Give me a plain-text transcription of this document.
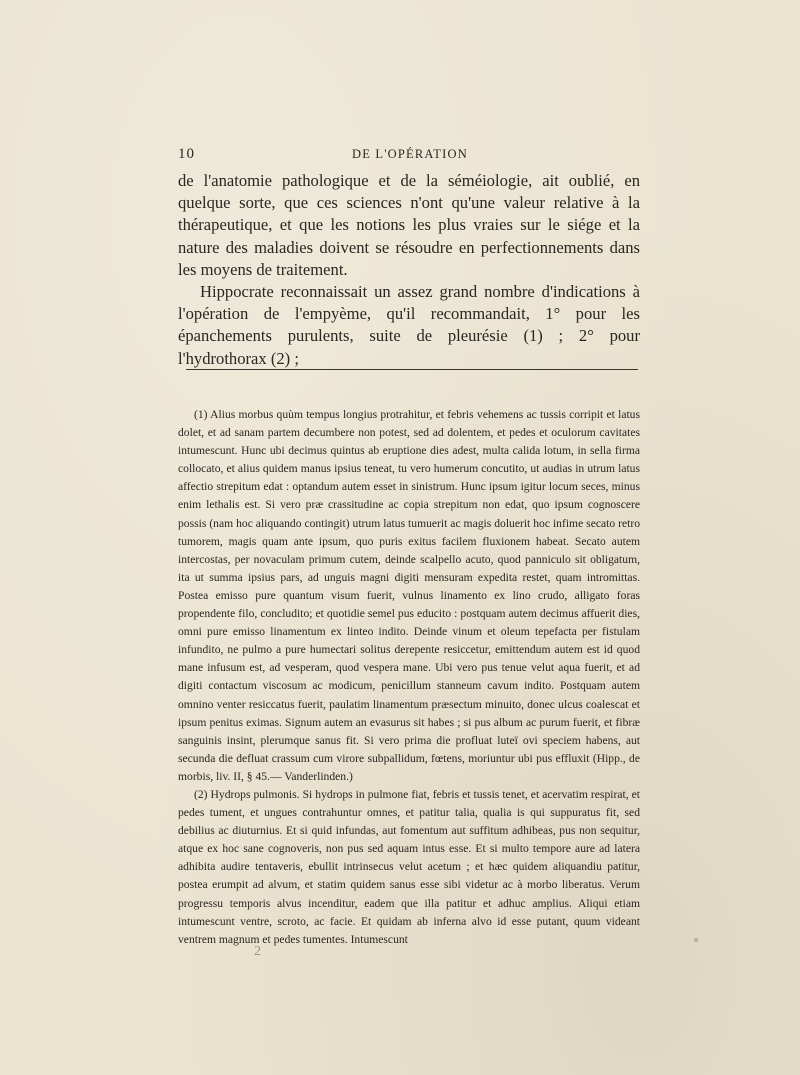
10	DE L'OPÉRATION

de l'anatomie pathologique et de la séméiologie, ait oublié, en quelque sorte, que ces sciences n'ont qu'une valeur relative à la thérapeutique, et que les notions les plus vraies sur le siége et la nature des maladies doivent se résoudre en perfectionnements dans les moyens de traitement.

Hippocrate reconnaissait un assez grand nombre d'indications à l'opération de l'empyème, qu'il recommandait, 1° pour les épanchements purulents, suite de pleurésie (1) ; 2° pour l'hydrothorax (2) ;

(1) Alius morbus quùm tempus longius protrahitur, et febris vehemens ac tussis corripit et latus dolet, et ad sanam partem decumbere non potest, sed ad dolentem, et pedes et oculorum cavitates intumescunt. Hunc ubi decimus quintus ab eruptione dies adest, multa calida lotum, in sella firma collocato, et alius quidem manus ipsius teneat, tu vero humerum concutito, ut audias in utrum latus affectio strepitum edat : optandum autem esset in sinistrum. Hunc ipsum igitur locum seces, minus enim lethalis est. Si vero præ crassitudine ac copia strepitum non edat, quo ipsum cognoscere possis (nam hoc aliquando contingit) utrum latus tumuerit ac magis doluerit hoc infime secato retro tumorem, magis quam ante ipsum, quo puris exitus facilem fluxionem habeat. Secato autem intercostas, per novaculam primum cutem, deinde scalpello acuto, quod panniculo sit obligatum, ita ut summa ipsius pars, ad unguis magni digiti mensuram expedita restet, quam intromittas. Postea emisso pure quantum visum fuerit, vulnus linamento ex lino crudo, alligato foras propendente filo, concludito; et quotidie semel pus educito : postquam autem decimus affuerit dies, omni pure emisso linamentum ex linteo indito. Deinde vinum et oleum tepefacta per fistulam infundito, ne pulmo a pure humectari solitus derepente resiccetur, emittendum autem est id quod mane infusum est, ad vesperam, quod vespera mane. Ubi vero pus tenue velut aqua fuerit, et ad digiti contactum viscosum ac modicum, penicillum stanneum cavum indito. Postquam autem omnino venter resiccatus fuerit, paulatim linamentum præsectum minuito, donec ulcus coalescat et ipsum penitus eximas. Signum autem an evasurus sit habes ; si pus album ac purum fuerit, et fibræ sanguinis insint, plerumque sanus fit. Si vero prima die profluat luteï ovi speciem habens, aut secunda die defluat crassum cum virore subpallidum, fœtens, moriuntur ubi pus effluxit (Hipp., de morbis, liv. II, § 45.— Vanderlinden.)

(2) Hydrops pulmonis. Si hydrops in pulmone fiat, febris et tussis tenet, et acervatim respirat, et pedes tument, et ungues contrahuntur omnes, et patitur talia, qualia is qui suppuratus fit, sed debilius ac diuturnius. Et si quid infundas, aut fomentum aut suffitum adhibeas, pus non sequitur, atque ex hoc sane cognoveris, non pus sed aquam intus esse. Et si multo tempore aure ad latera adhibita audire tentaveris, ebullit intrinsecus velut acetum ; et hæc quidem aliquandiu patitur, postea erumpit ad alvum, et statim quidem sanus esse sibi videtur ac à morbo liberatus. Verum progressu temporis alvus incenditur, eadem que illa patitur et adhuc amplius. Aliqui etiam intumescunt ventre, scroto, ac facie. Et quidam ab inferna alvo id esse putant, quum videant ventrem magnum et pedes tumentes. Intumescunt

2
